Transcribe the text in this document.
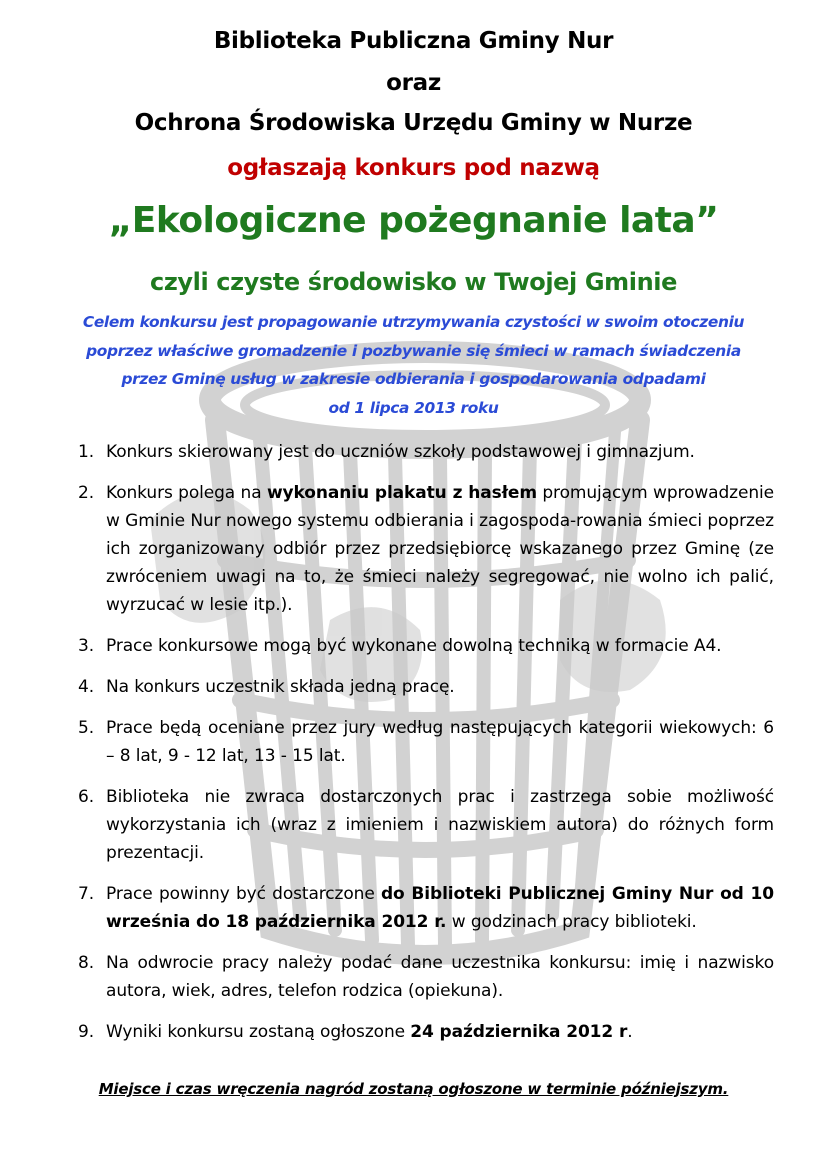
Biblioteka Publiczna Gminy Nur
oraz
Ochrona Środowiska Urzędu Gminy w Nurze
ogłaszają konkurs pod nazwą
„Ekologiczne pożegnanie lata”
czyli czyste środowisko w Twojej Gminie
Celem konkursu jest propagowanie utrzymywania czystości w swoim otoczeniu
poprzez właściwe gromadzenie i pozbywanie się śmieci w ramach świadczenia
przez Gminę usług w zakresie odbierania i gospodarowania odpadami
od 1 lipca 2013 roku
1. Konkurs skierowany jest do uczniów szkoły podstawowej i gimnazjum.
2. Konkurs polega na wykonaniu plakatu z hasłem promującym wprowadzenie w Gminie Nur nowego systemu odbierania i zagospoda-rowania śmieci poprzez ich zorganizowany odbiór przez przedsiębiorcę wskazanego przez Gminę (ze zwróceniem uwagi na to, że śmieci należy segregować, nie wolno ich palić, wyrzucać w lesie itp.).
3. Prace konkursowe mogą być wykonane dowolną techniką w formacie A4.
4. Na konkurs uczestnik składa jedną pracę.
5. Prace będą oceniane przez jury według następujących kategorii wiekowych: 6 – 8 lat, 9 - 12 lat, 13 - 15 lat.
6. Biblioteka nie zwraca dostarczonych prac i zastrzega sobie możliwość wykorzystania ich (wraz z imieniem i nazwiskiem autora) do różnych form prezentacji.
7. Prace powinny być dostarczone do Biblioteki Publicznej Gminy Nur od 10 września do 18 października 2012 r. w godzinach pracy biblioteki.
8. Na odwrocie pracy należy podać dane uczestnika konkursu: imię i nazwisko autora, wiek, adres, telefon rodzica (opiekuna).
9. Wyniki konkursu zostaną ogłoszone 24 października 2012 r.
Miejsce i czas wręczenia nagród zostaną ogłoszone w terminie późniejszym.
